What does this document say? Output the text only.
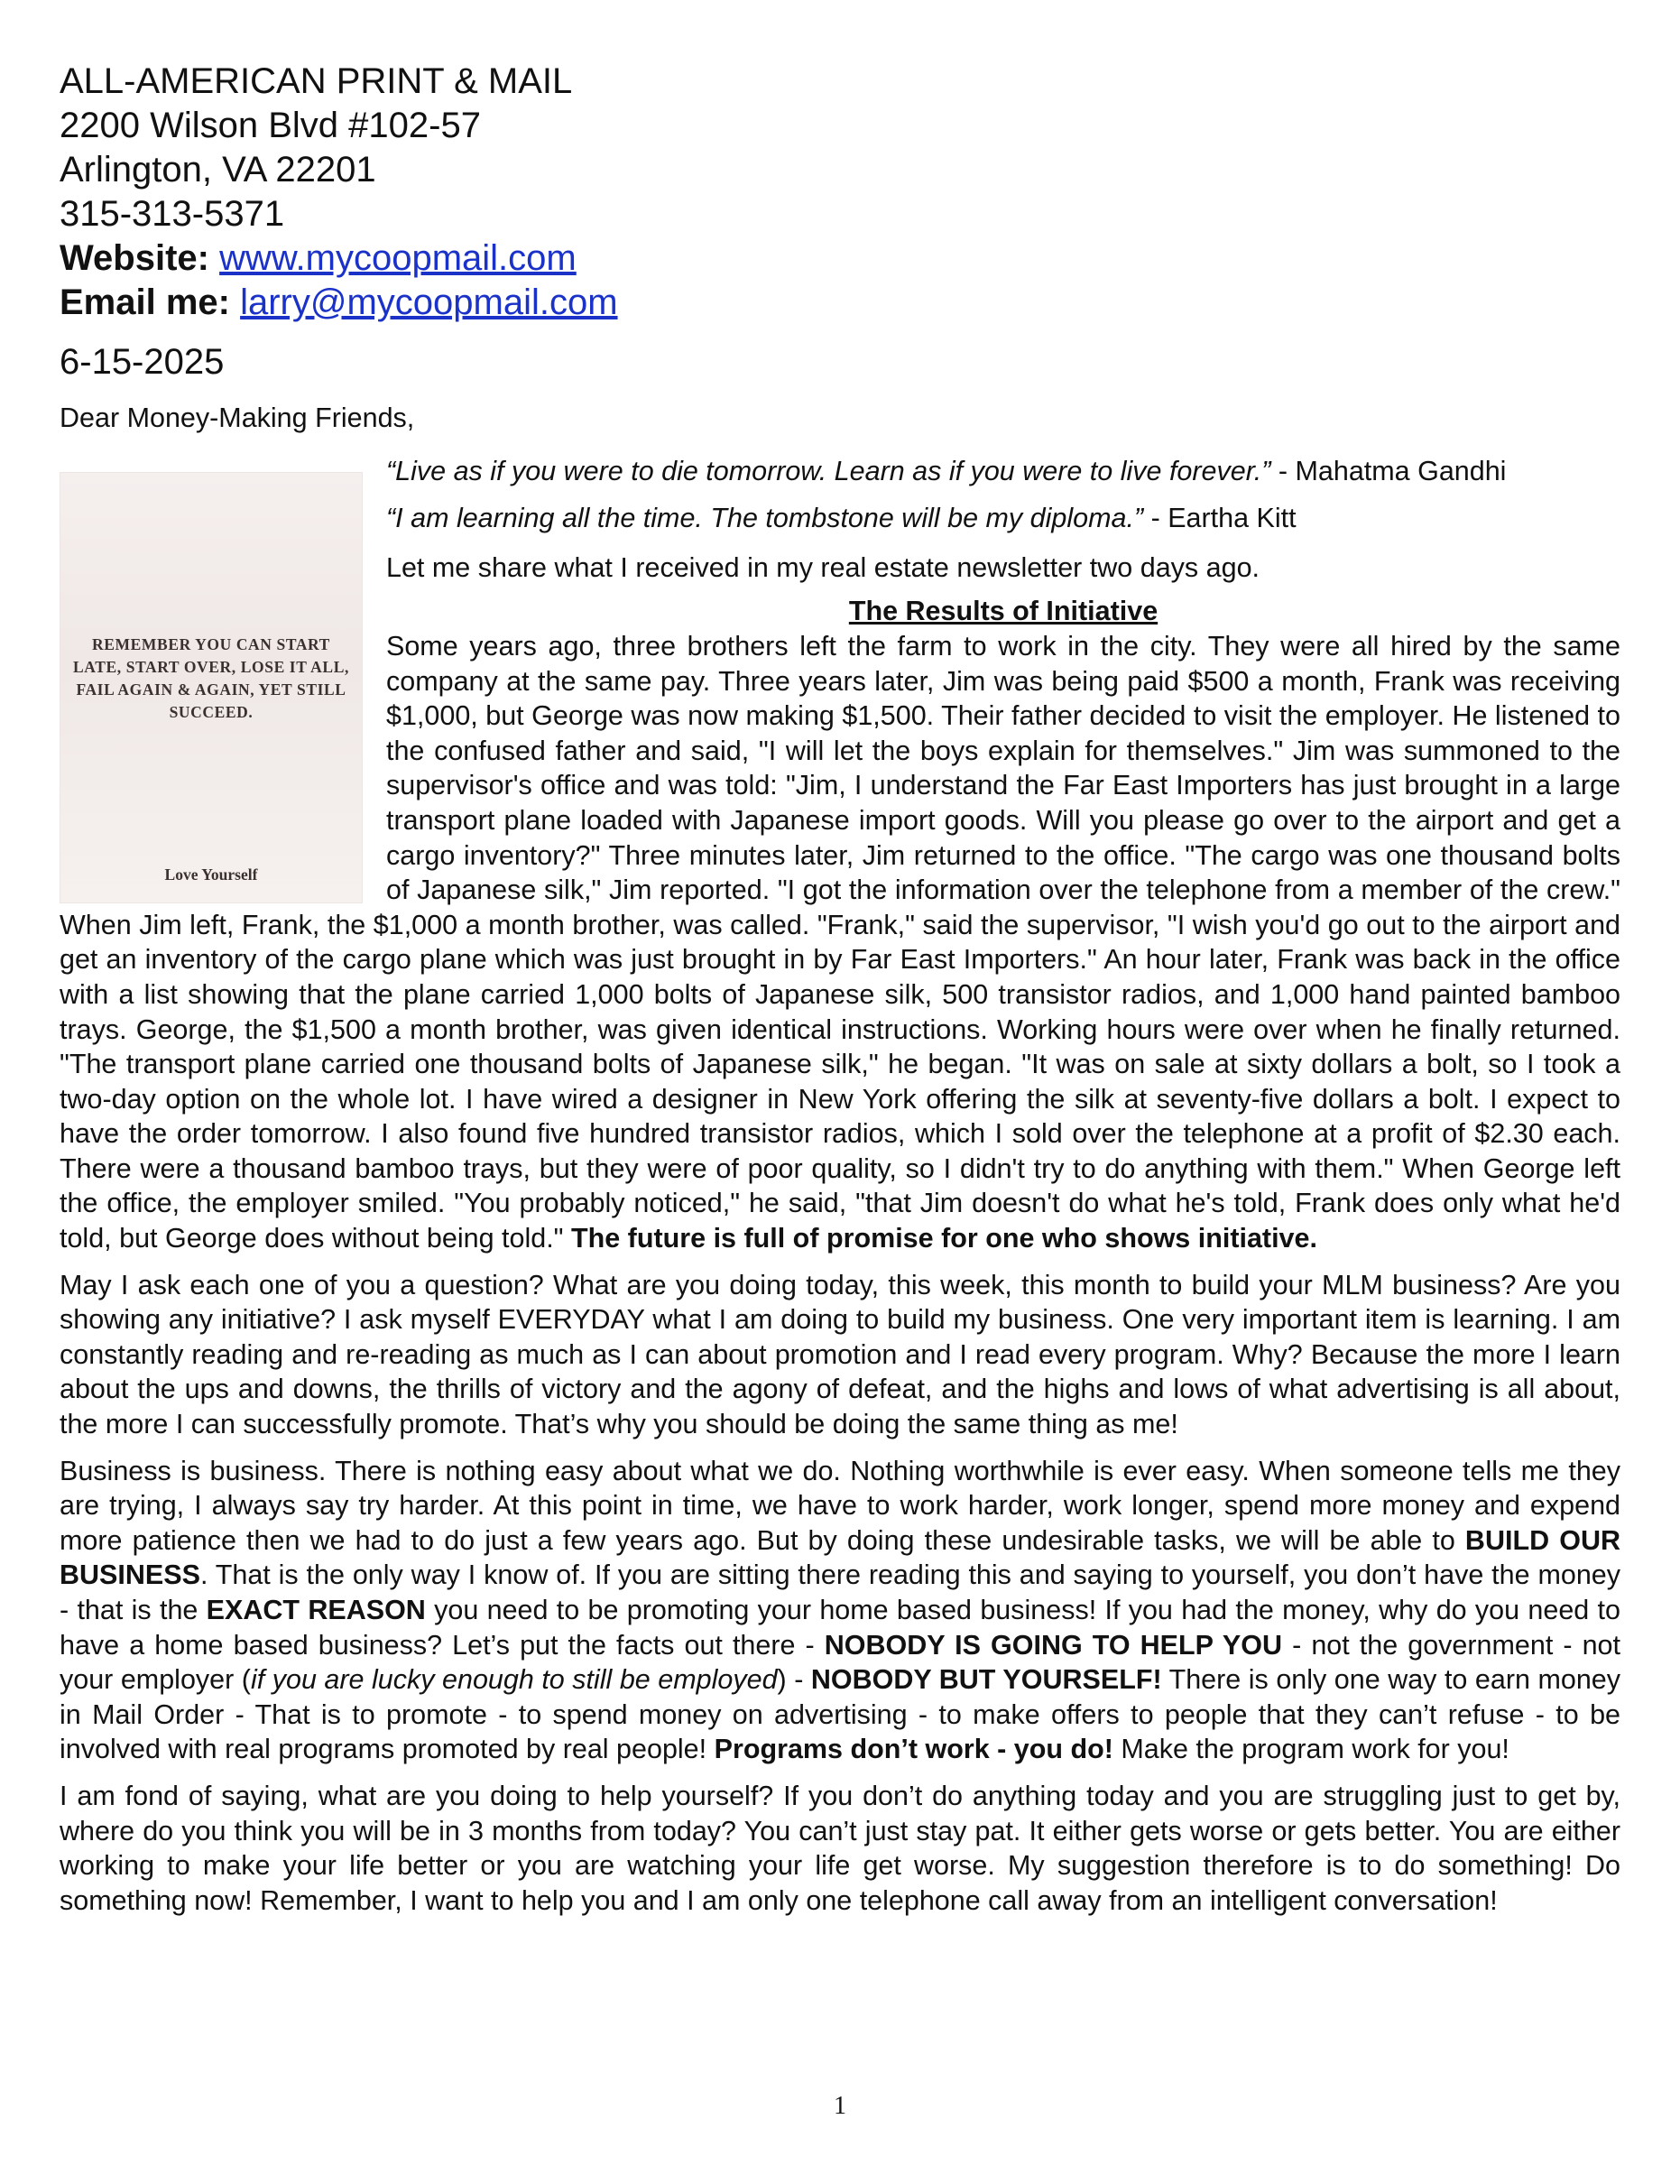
ALL-AMERICAN PRINT & MAIL
2200 Wilson Blvd #102-57
Arlington, VA 22201
315-313-5371
Website: www.mycoopmail.com
Email me: larry@mycoopmail.com
6-15-2025
Dear Money-Making Friends,
REMEMBER YOU CAN START LATE, START OVER, LOSE IT ALL, FAIL AGAIN & AGAIN, YET STILL SUCCEED.
Love Yourself
“Live as if you were to die tomorrow. Learn as if you were to live forever.” - Mahatma Gandhi
“I am learning all the time. The tombstone will be my diploma.” - Eartha Kitt
Let me share what I received in my real estate newsletter two days ago.
The Results of Initiative
Some years ago, three brothers left the farm to work in the city. They were all hired by the same company at the same pay. Three years later, Jim was being paid $500 a month, Frank was receiving $1,000, but George was now making $1,500. Their father decided to visit the employer. He listened to the confused father and said, "I will let the boys explain for themselves." Jim was summoned to the supervisor's office and was told: "Jim, I understand the Far East Importers has just brought in a large transport plane loaded with Japanese import goods. Will you please go over to the airport and get a cargo inventory?" Three minutes later, Jim returned to the office. "The cargo was one thousand bolts of Japanese silk," Jim reported. "I got the information over the telephone from a member of the crew." When Jim left, Frank, the $1,000 a month brother, was called. "Frank," said the supervisor, "I wish you'd go out to the airport and get an inventory of the cargo plane which was just brought in by Far East Importers." An hour later, Frank was back in the office with a list showing that the plane carried 1,000 bolts of Japanese silk, 500 transistor radios, and 1,000 hand painted bamboo trays. George, the $1,500 a month brother, was given identical instructions. Working hours were over when he finally returned. "The transport plane carried one thousand bolts of Japanese silk," he began. "It was on sale at sixty dollars a bolt, so I took a two-day option on the whole lot. I have wired a designer in New York offering the silk at seventy-five dollars a bolt. I expect to have the order tomorrow. I also found five hundred transistor radios, which I sold over the telephone at a profit of $2.30 each. There were a thousand bamboo trays, but they were of poor quality, so I didn't try to do anything with them." When George left the office, the employer smiled. "You probably noticed," he said, "that Jim doesn't do what he's told, Frank does only what he'd told, but George does without being told." The future is full of promise for one who shows initiative.
May I ask each one of you a question? What are you doing today, this week, this month to build your MLM business? Are you showing any initiative? I ask myself EVERYDAY what I am doing to build my business. One very important item is learning. I am constantly reading and re-reading as much as I can about promotion and I read every program. Why? Because the more I learn about the ups and downs, the thrills of victory and the agony of defeat, and the highs and lows of what advertising is all about, the more I can successfully promote. That’s why you should be doing the same thing as me!
Business is business. There is nothing easy about what we do. Nothing worthwhile is ever easy. When someone tells me they are trying, I always say try harder. At this point in time, we have to work harder, work longer, spend more money and expend more patience then we had to do just a few years ago. But by doing these undesirable tasks, we will be able to BUILD OUR BUSINESS. That is the only way I know of. If you are sitting there reading this and saying to yourself, you don’t have the money - that is the EXACT REASON you need to be promoting your home based business! If you had the money, why do you need to have a home based business? Let’s put the facts out there - NOBODY IS GOING TO HELP YOU - not the government - not your employer (if you are lucky enough to still be employed) - NOBODY BUT YOURSELF! There is only one way to earn money in Mail Order - That is to promote - to spend money on advertising - to make offers to people that they can’t refuse - to be involved with real programs promoted by real people! Programs don’t work - you do! Make the program work for you!
I am fond of saying, what are you doing to help yourself? If you don’t do anything today and you are struggling just to get by, where do you think you will be in 3 months from today? You can’t just stay pat. It either gets worse or gets better. You are either working to make your life better or you are watching your life get worse. My suggestion therefore is to do something! Do something now! Remember, I want to help you and I am only one telephone call away from an intelligent conversation!
1
